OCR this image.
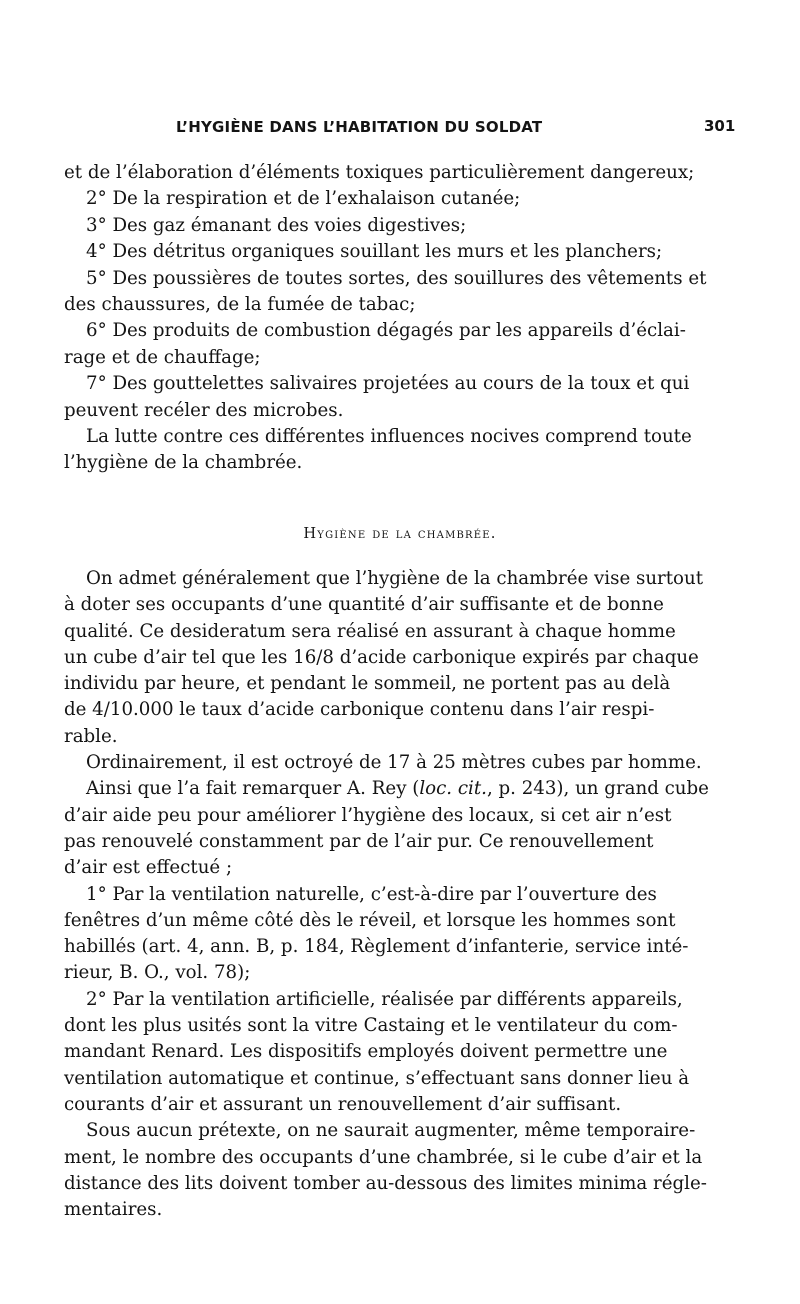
L’HYGIÈNE DANS L’HABITATION DU SOLDAT	301
et de l’élaboration d’éléments toxiques particulièrement dangereux;
2° De la respiration et de l’exhalaison cutanée;
3° Des gaz émanant des voies digestives;
4° Des détritus organiques souillant les murs et les planchers;
5° Des poussières de toutes sortes, des souillures des vêtements et
des chaussures, de la fumée de tabac;
6° Des produits de combustion dégagés par les appareils d’éclai-
rage et de chauffage;
7° Des gouttelettes salivaires projetées au cours de la toux et qui
peuvent recéler des microbes.
La lutte contre ces différentes influences nocives comprend toute
l’hygiène de la chambrée.
Hygiène de la chambrée.
On admet généralement que l’hygiène de la chambrée vise surtout
à doter ses occupants d’une quantité d’air suffisante et de bonne
qualité. Ce desideratum sera réalisé en assurant à chaque homme
un cube d’air tel que les 16/8 d’acide carbonique expirés par chaque
individu par heure, et pendant le sommeil, ne portent pas au delà
de 4/10.000 le taux d’acide carbonique contenu dans l’air respi-
rable.
Ordinairement, il est octroyé de 17 à 25 mètres cubes par homme.
Ainsi que l’a fait remarquer A. Rey (loc. cit., p. 243), un grand cube
d’air aide peu pour améliorer l’hygiène des locaux, si cet air n’est
pas renouvelé constamment par de l’air pur. Ce renouvellement
d’air est effectué ;
1° Par la ventilation naturelle, c’est-à-dire par l’ouverture des
fenêtres d’un même côté dès le réveil, et lorsque les hommes sont
habillés (art. 4, ann. B, p. 184, Règlement d’infanterie, service inté-
rieur, B. O., vol. 78);
2° Par la ventilation artificielle, réalisée par différents appareils,
dont les plus usités sont la vitre Castaing et le ventilateur du com-
mandant Renard. Les dispositifs employés doivent permettre une
ventilation automatique et continue, s’effectuant sans donner lieu à
courants d’air et assurant un renouvellement d’air suffisant.
Sous aucun prétexte, on ne saurait augmenter, même temporaire-
ment, le nombre des occupants d’une chambrée, si le cube d’air et la
distance des lits doivent tomber au-dessous des limites minima régle-
mentaires.
